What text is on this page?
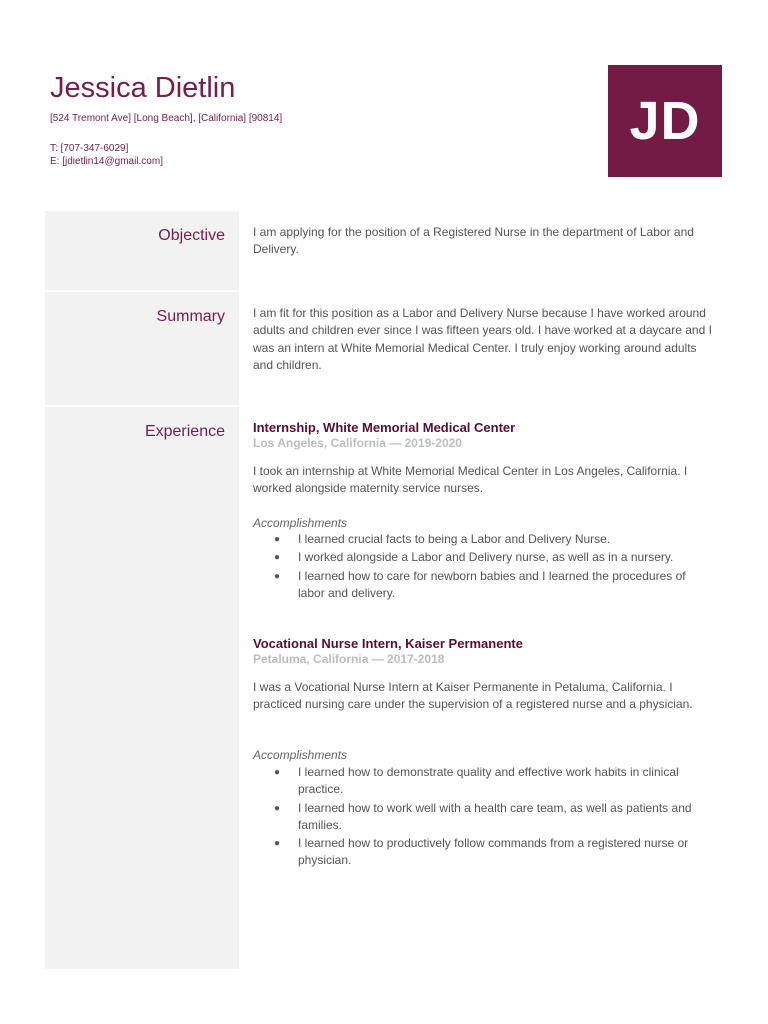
Jessica Dietlin
[524 Tremont Ave] [Long Beach], [California] [90814]
T: [707-347-6029]
E: [jdietlin14@gmail.com]
JD
Objective I am applying for the position of a Registered Nurse in the department of Labor and Delivery.
Summary I am fit for this position as a Labor and Delivery Nurse because I have worked around adults and children ever since I was fifteen years old. I have worked at a daycare and I was an intern at White Memorial Medical Center. I truly enjoy working around adults and children.
Experience Internship, White Memorial Medical Center
Los Angeles, California — 2019-2020
I took an internship at White Memorial Medical Center in Los Angeles, California. I worked alongside maternity service nurses.
Accomplishments
● I learned crucial facts to being a Labor and Delivery Nurse.
● I worked alongside a Labor and Delivery nurse, as well as in a nursery.
● I learned how to care for newborn babies and I learned the procedures of labor and delivery.
Vocational Nurse Intern, Kaiser Permanente
Petaluma, California — 2017-2018
I was a Vocational Nurse Intern at Kaiser Permanente in Petaluma, California. I practiced nursing care under the supervision of a registered nurse and a physician.
Accomplishments
● I learned how to demonstrate quality and effective work habits in clinical practice.
● I learned how to work well with a health care team, as well as patients and families.
● I learned how to productively follow commands from a registered nurse or physician.
